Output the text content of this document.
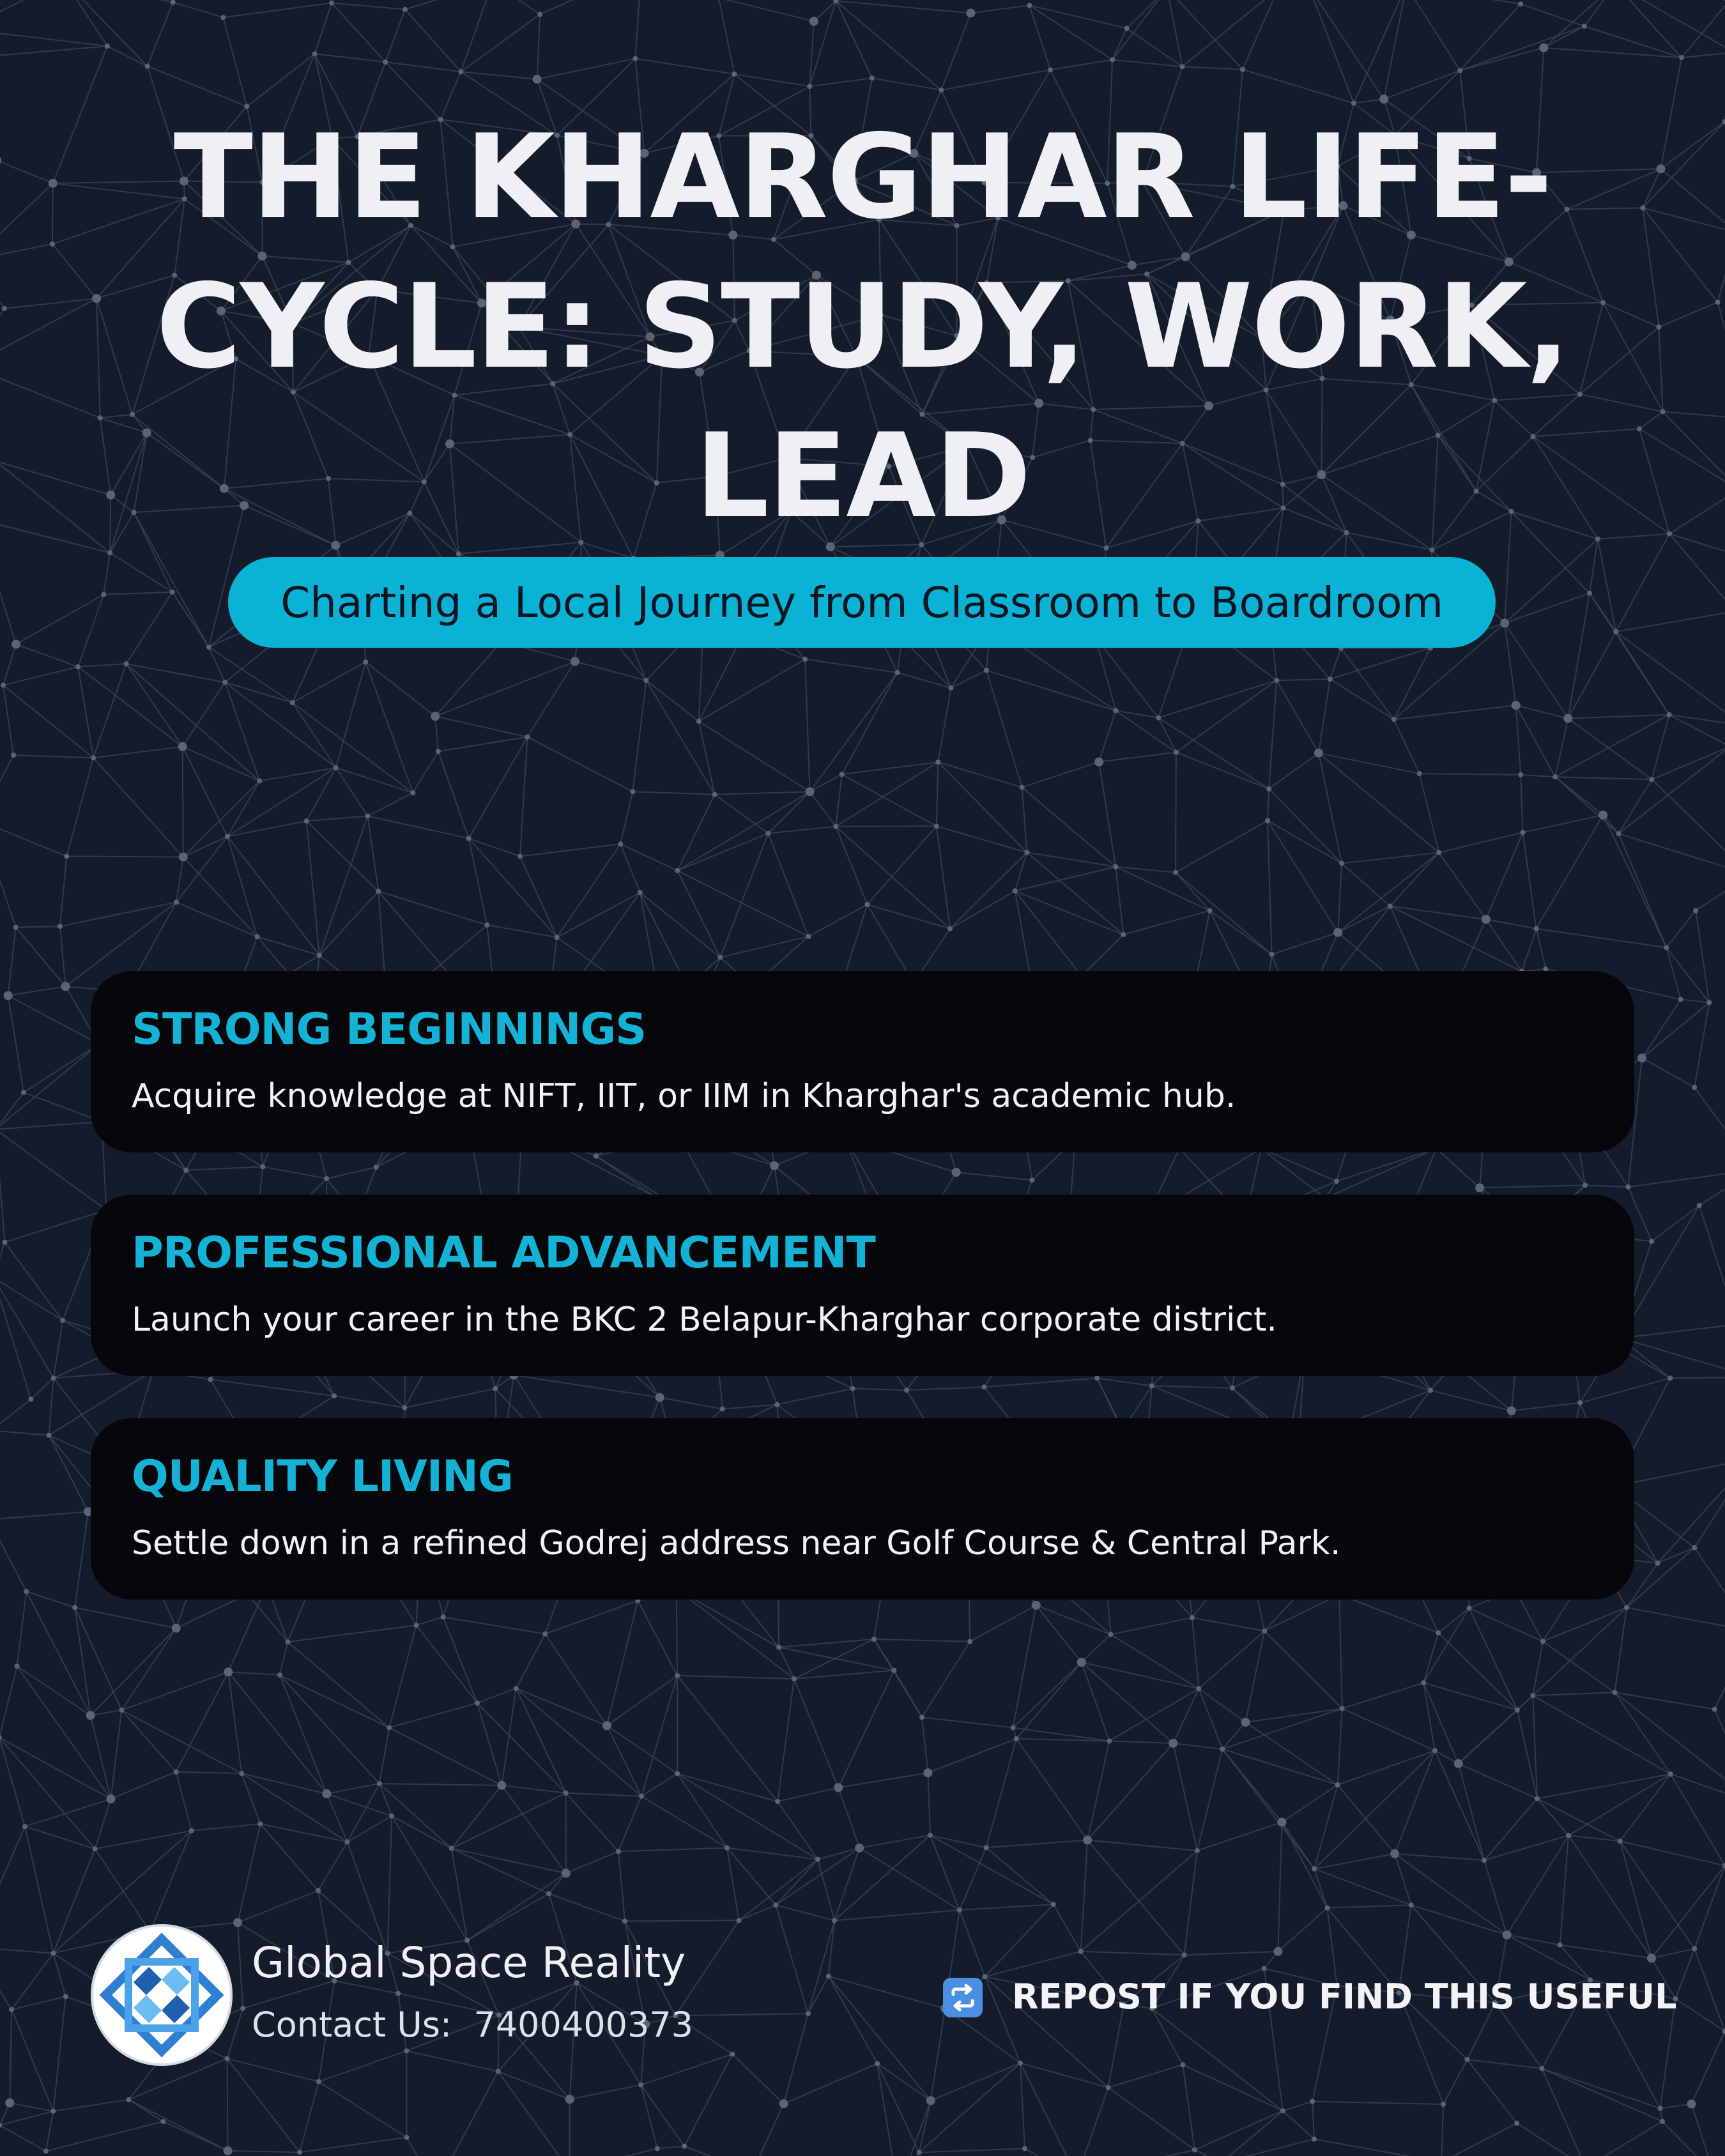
THE KHARGHAR LIFE-
CYCLE: STUDY, WORK,
LEAD
Charting a Local Journey from Classroom to Boardroom
STRONG BEGINNINGS
Acquire knowledge at NIFT, IIT, or IIM in Kharghar's academic hub.
PROFESSIONAL ADVANCEMENT
Launch your career in the BKC 2 Belapur-Kharghar corporate district.
QUALITY LIVING
Settle down in a refined Godrej address near Golf Course & Central Park.
Global Space Reality
Contact Us: 7400400373
REPOST IF YOU FIND THIS USEFUL
